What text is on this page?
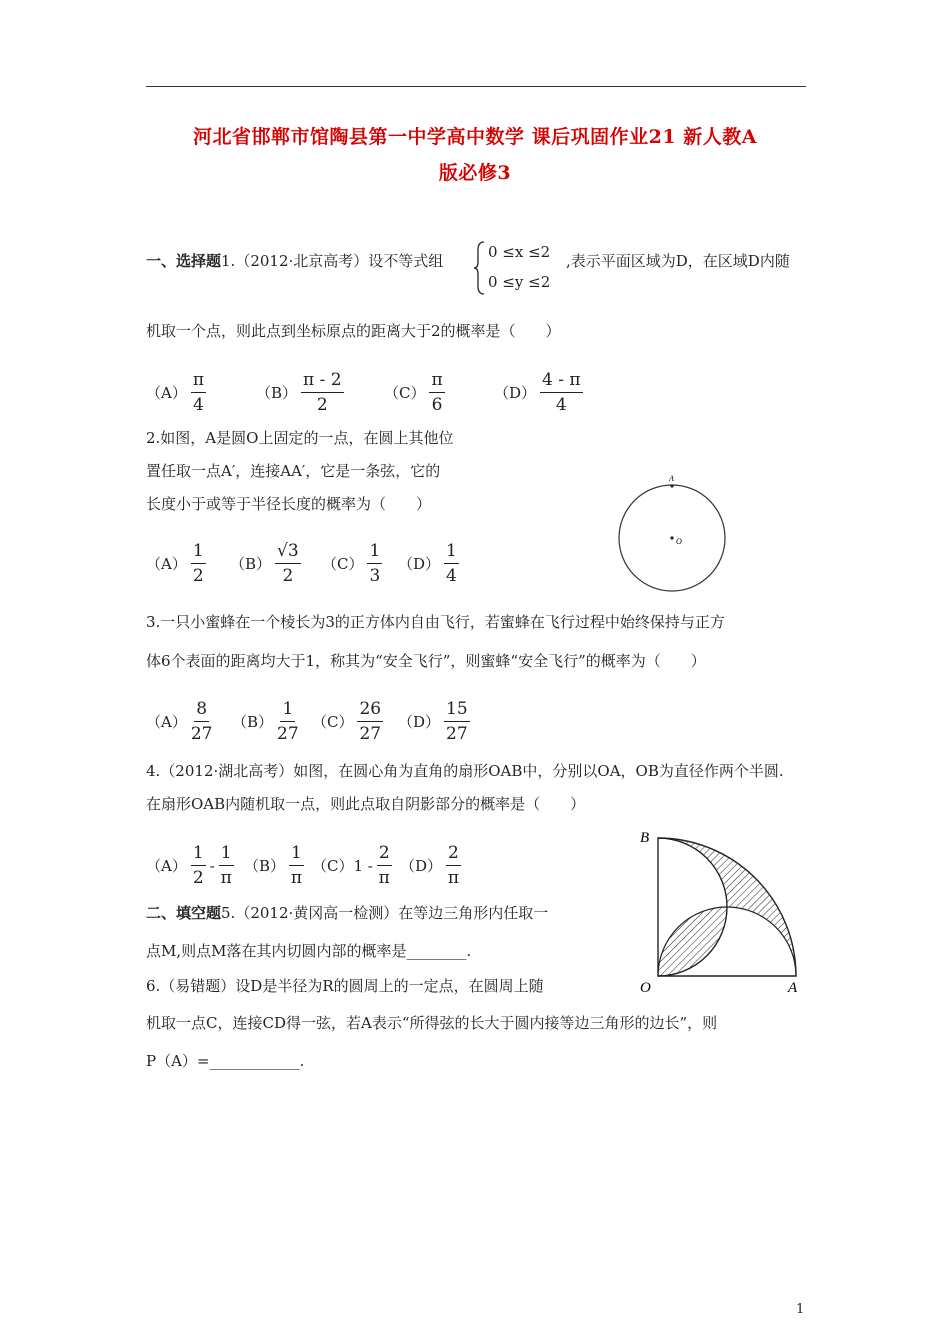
河北省邯郸市馆陶县第一中学高中数学 课后巩固作业21 新人教A
版必修3
一、选择题1.（2012·北京高考）设不等式组	0 ≤x ≤2
0 ≤y ≤2
,表示平面区域为D，在区域D内随
机取一个点，则此点到坐标原点的距离大于2的概率是（　　）
$(A) \frac{\pi}{4}$	$(B) \frac{\pi - 2}{2}$	$(C) \frac{\pi}{6}$	$(D) \frac{4 - \pi}{4}$
2.如图，A是圆O上固定的一点，在圆上其他位
置任取一点A′，连接AA′，它是一条弦，它的
长度小于或等于半径长度的概率为（　　）
$(A) \frac{1}{2} (B) \frac{√3}{2} (C) \frac{1}{3} (D) \frac{1}{4}$
A
O
3.一只小蜜蜂在一个棱长为3的正方体内自由飞行，若蜜蜂在飞行过程中始终保持与正方
体6个表面的距离均大于1，称其为“安全飞行”，则蜜蜂“安全飞行”的概率为（　　）
$(A) \frac{8}{27} (B) \frac{1}{27} (C) \frac{26}{27} (D) \frac{15}{27}$
4.（2012·湖北高考）如图，在圆心角为直角的扇形OAB中，分别以OA，OB为直径作两个半圆.
在扇形OAB内随机取一点，则此点取自阴影部分的概率是（　　）
$(A) \frac{1}{2} - \frac{1}{\pi} (B) \frac{1}{\pi} (C)1 - \frac{2}{\pi} (D) \frac{2}{\pi}$
B
O	A
二、填空题5.（2012·黄冈高一检测）在等边三角形内任取一
点M,则点M落在其内切圆内部的概率是________.
6.（易错题）设D是半径为R的圆周上的一定点，在圆周上随
机取一点C，连接CD得一弦，若A表示“所得弦的长大于圆内接等边三角形的边长”，则
P（A）=____________.
1
